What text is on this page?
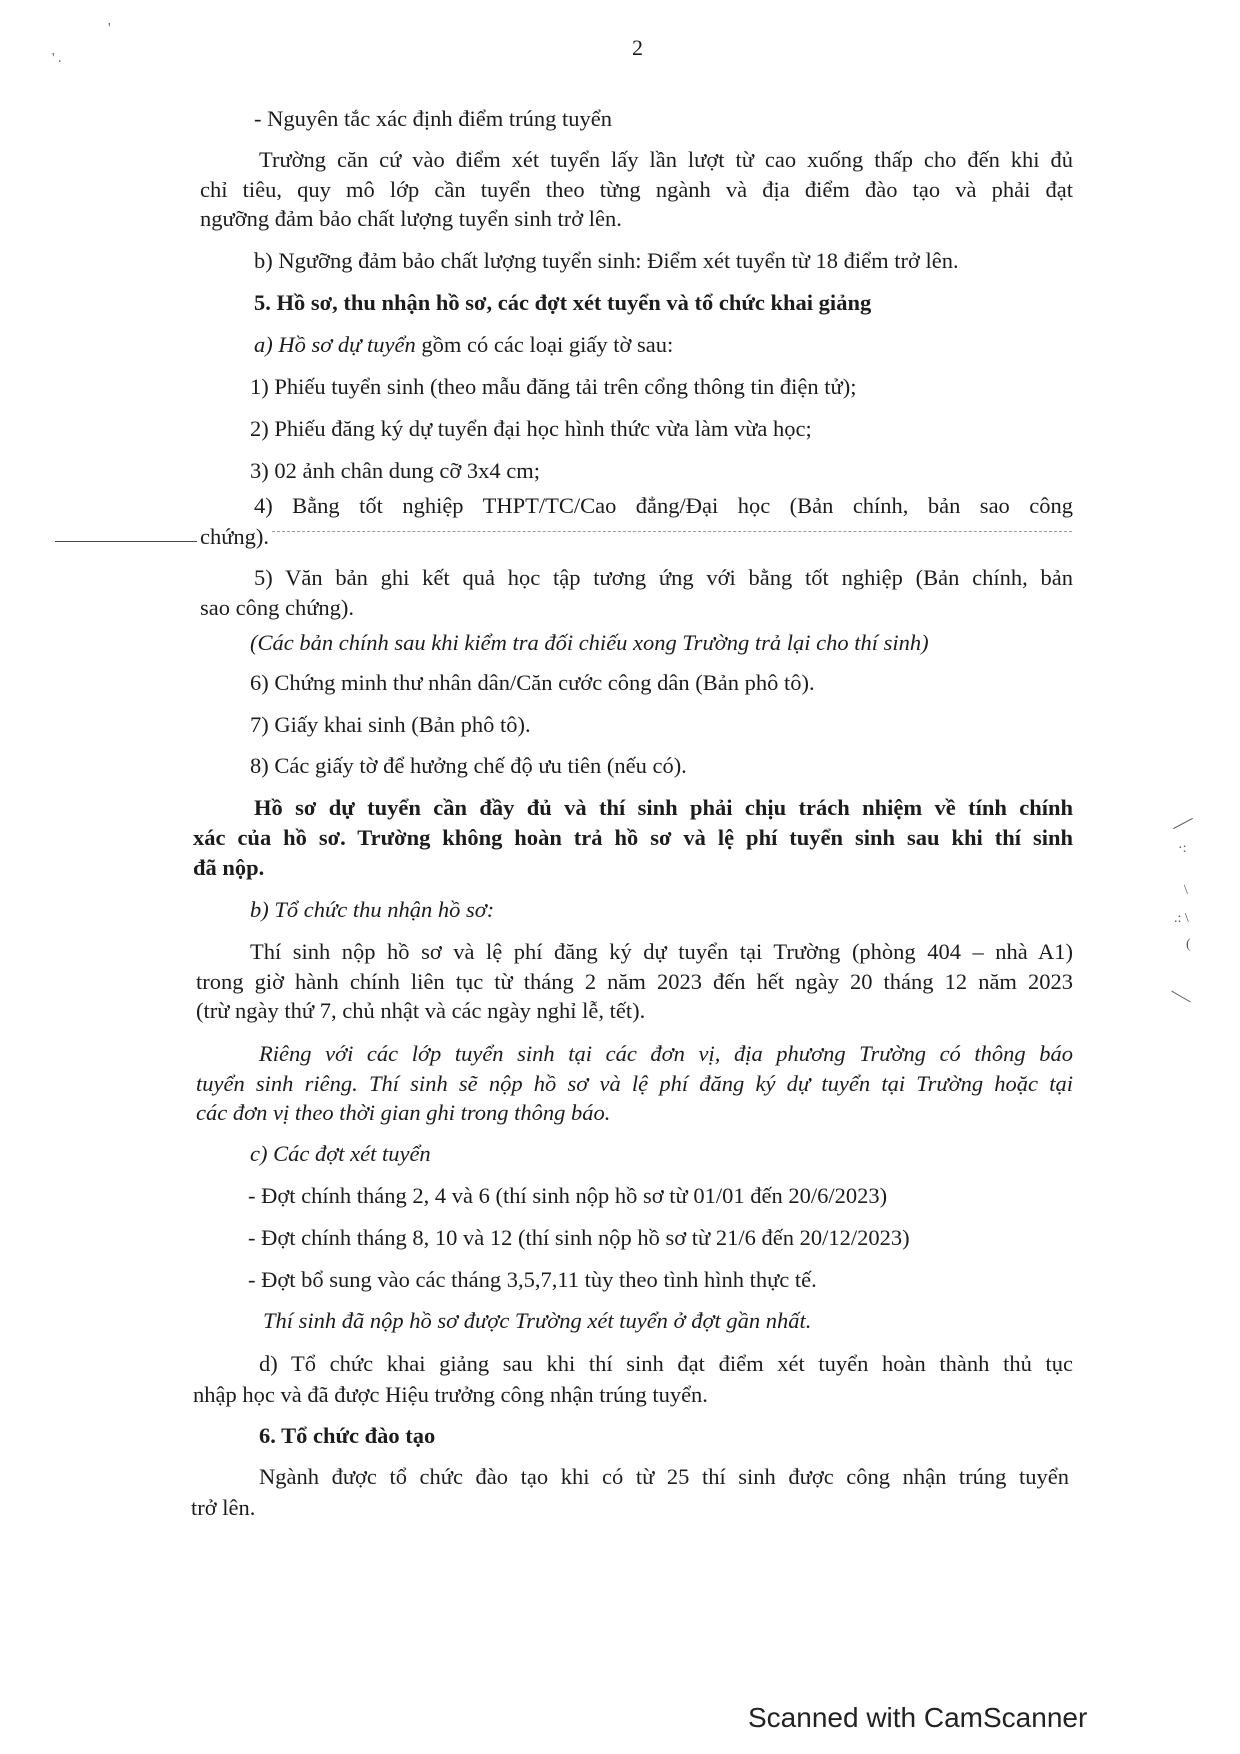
2

'
' .

- Nguyên tắc xác định điểm trúng tuyển

Trường căn cứ vào điểm xét tuyển lấy lần lượt từ cao xuống thấp cho đến khi đủ

chỉ tiêu, quy mô lớp cần tuyển theo từng ngành và địa điểm đào tạo và phải đạt

ngưỡng đảm bảo chất lượng tuyển sinh trở lên.

b) Ngưỡng đảm bảo chất lượng tuyển sinh: Điểm xét tuyển từ 18 điểm trở lên.

5. Hồ sơ, thu nhận hồ sơ, các đợt xét tuyển và tổ chức khai giảng

a) Hồ sơ dự tuyển gồm có các loại giấy tờ sau:

1) Phiếu tuyển sinh (theo mẫu đăng tải trên cổng thông tin điện tử);

2) Phiếu đăng ký dự tuyển đại học hình thức vừa làm vừa học;

3) 02 ảnh chân dung cỡ 3x4 cm;

4) Bằng tốt nghiệp THPT/TC/Cao đẳng/Đại học (Bản chính, bản sao công

chứng).

5) Văn bản ghi kết quả học tập tương ứng với bằng tốt nghiệp (Bản chính, bản

sao công chứng).

(Các bản chính sau khi kiểm tra đối chiếu xong Trường trả lại cho thí sinh)

6) Chứng minh thư nhân dân/Căn cước công dân (Bản phô tô).

7) Giấy khai sinh (Bản phô tô).

8) Các giấy tờ để hưởng chế độ ưu tiên (nếu có).

Hồ sơ dự tuyển cần đầy đủ và thí sinh phải chịu trách nhiệm về tính chính

xác của hồ sơ. Trường không hoàn trả hồ sơ và lệ phí tuyển sinh sau khi thí sinh

đã nộp.

b) Tổ chức thu nhận hồ sơ:

Thí sinh nộp hồ sơ và lệ phí đăng ký dự tuyển tại Trường (phòng 404 – nhà A1)

trong giờ hành chính liên tục từ tháng 2 năm 2023 đến hết ngày 20 tháng 12 năm 2023

(trừ ngày thứ 7, chủ nhật và các ngày nghỉ lễ, tết).

Riêng với các lớp tuyển sinh tại các đơn vị, địa phương Trường có thông báo

tuyển sinh riêng. Thí sinh sẽ nộp hồ sơ và lệ phí đăng ký dự tuyển tại Trường hoặc tại

các đơn vị theo thời gian ghi trong thông báo.

c) Các đợt xét tuyển

- Đợt chính tháng 2, 4 và 6 (thí sinh nộp hồ sơ từ 01/01 đến 20/6/2023)

- Đợt chính tháng 8, 10 và 12 (thí sinh nộp hồ sơ từ 21/6 đến 20/12/2023)

- Đợt bổ sung vào các tháng 3,5,7,11 tùy theo tình hình thực tế.

Thí sinh đã nộp hồ sơ được Trường xét tuyển ở đợt gần nhất.

d) Tổ chức khai giảng sau khi thí sinh đạt điểm xét tuyển hoàn thành thủ tục

nhập học và đã được Hiệu trưởng công nhận trúng tuyển.

6. Tổ chức đào tạo

Ngành được tổ chức đào tạo khi có từ 25 thí sinh được công nhận trúng tuyển

trở lên.

·:
\
.: \
(

Scanned with CamScanner
